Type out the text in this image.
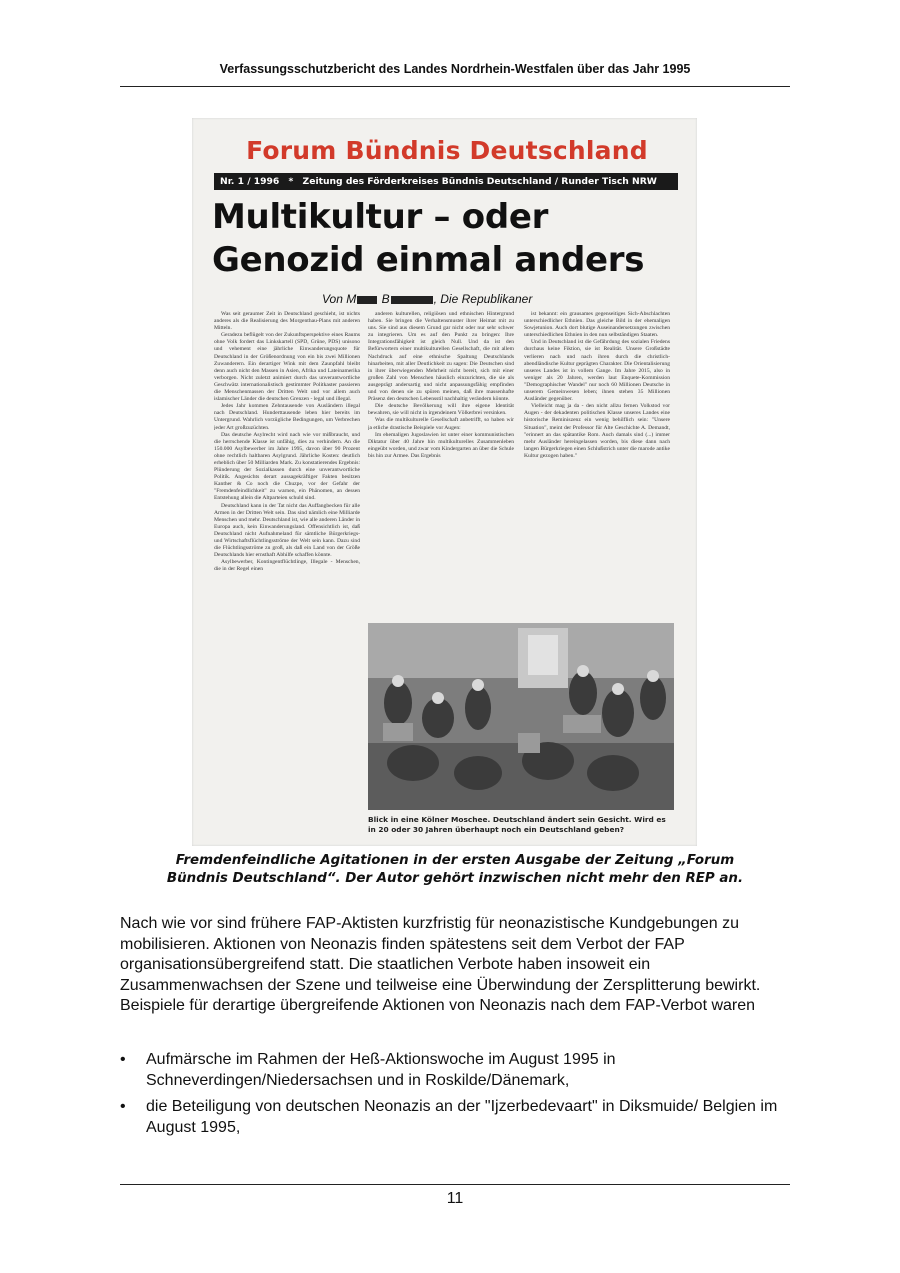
Verfassungsschutzbericht des Landes Nordrhein-Westfalen über das Jahr 1995
Forum Bündnis Deutschland
Nr. 1 / 1996 * Zeitung des Förderkreises Bündnis Deutschland / Runder Tisch NRW
Multikultur – oder
Genozid einmal anders
Von M B	, Die Republikaner

Was seit geraumer Zeit in Deutschland geschieht, ist nichts anderes als die Realisierung des Morgenthau-Plans mit anderen Mitteln.

Geradezu beflügelt von der Zukunftsperspektive eines Raums ohne Volk fordert das Linkskartell (SPD, Grüne, PDS) unisono und vehement eine jährliche Einwanderungsquote für Deutschland in der Größenordnung von ein bis zwei Millionen Zuwanderern. Ein derartiger Wink mit dem Zaunpfahl bleibt denn auch nicht den Massen in Asien, Afrika und Lateinamerika verborgen. Nicht zuletzt animiert durch das unverantwortliche Geschwätz internationalistisch gestimmter Politkaster passieren die Menschenmassen der Dritten Welt und vor allem auch islamischer Länder die deutschen Grenzen - legal und illegal.

Jedes Jahr kommen Zehntausende von Ausländern illegal nach Deutschland. Hunderttausende leben hier bereits im Untergrund. Wahrlich vorzügliche Bedingungen, um Verbrechen jeder Art großzuzüchten.

Das deutsche Asylrecht wird nach wie vor mißbraucht, und die herrschende Klasse ist unfähig, dies zu verhindern. An die 150.000 Asylbewerber im Jahre 1995, davon über 90 Prozent ohne rechtlich haltbaren Asylgrund. Jährliche Kosten: deutlich erheblich über 50 Milliarden Mark. Zu konstatierendes Ergebnis: Plünderung der Sozialkassen durch eine unverantwortliche Politik. Angesichts derart aussagekräftiger Fakten besitzen Kanther & Co noch die Chuzpe, vor der Gefahr der "Fremdenfeindlichkeit" zu warnen, ein Phänomen, an dessen Entstehung allein die Altparteien schuld sind.

Deutschland kann in der Tat nicht das Auffangbecken für alle Armen in der Dritten Welt sein. Das sind nämlich eine Milliarde Menschen und mehr. Deutschland ist, wie alle anderen Länder in Europa auch, kein Einwanderungsland. Offensichtlich ist, daß Deutschland nicht Aufnahmeland für sämtliche Bürgerkriegs- und Wirtschaftsflüchtlingsströme der Welt sein kann. Dazu sind die Flüchtlingsströme zu groß, als daß ein Land von der Größe Deutschlands hier ernsthaft Abhilfe schaffen könnte.

Asylbewerber, Kontingentflüchtlinge, Illegale - Menschen, die in der Regel einen

anderen kulturellen, religiösen und ethnischen Hintergrund haben. Sie bringen die Verhaltensmuster ihrer Heimat mit zu uns. Sie sind aus diesem Grund gar nicht oder nur sehr schwer zu integrieren. Um es auf den Punkt zu bringen: Ihre Integrationsfähigkeit ist gleich Null. Und da ist den Befürwortern einer multikulturellen Gesellschaft, die mit allem Nachdruck auf eine ethnische Spaltung Deutschlands hinarbeiten, mit aller Deutlichkeit zu sagen: Die Deutschen sind in ihrer überwiegenden Mehrheit nicht bereit, sich mit einer großen Zahl von Menschen häuslich einzurichten, die sie als ausgeprägt andersartig und nicht anpassungsfähig empfinden und von denen sie zu spüren meinen, daß ihre massenhafte Präsenz den deutschen Lebensstil nachhaltig verändern könnte.

Die deutsche Bevölkerung will ihre eigene Identität bewahren, sie will nicht in irgendeinem Völkerbrei versinken.

Was die multikulturelle Gesellschaft anbetrifft, so haben wir ja etliche drastische Beispiele vor Augen:

Im ehemaligen Jugoslawien ist unter einer kommunistischen Diktatur über 40 Jahre hin multikulturelles Zusammenleben eingeübt worden, und zwar vom Kindergarten an über die Schule bis hin zur Armee. Das Ergebnis

ist bekannt: ein grausames gegenseitiges Sich-Abschlachten unterschiedlicher Ethnien. Das gleiche Bild in der ehemaligen Sowjetunion. Auch dort blutige Auseinandersetzungen zwischen unterschiedlichen Ethnien in den nun selbständigen Staaten.

Und in Deutschland ist die Gefährdung des sozialen Friedens durchaus keine Fiktion, sie ist Realität. Unsere Großstädte verlieren nach und nach ihren durch die christlich-abendländische Kultur geprägten Charakter. Die Orientalisierung unseres Landes ist in vollem Gange. Im Jahre 2015, also in weniger als 20 Jahren, werden laut Enquete-Kommission "Demographischer Wandel" nur noch 60 Millionen Deutsche in unserem Gemeinwesen leben; ihnen stehen 35 Millionen Ausländer gegenüber.

Vielleicht mag ja da - den nicht allzu fernen Volkstod vor Augen - der dekadenten politischen Klasse unseres Landes eine historische Reminiszenz ein wenig behilflich sein: "Unsere Situation", meint der Professor für Alte Geschichte A. Demandt, "erinnert an das spätantike Rom. Auch damals sind (...) immer mehr Ausländer hereingelassen worden, bis diese dann nach langen Bürgerkriegen einen Schlußstrich unter die marode antike Kultur gezogen haben."

Blick in eine Kölner Moschee. Deutschland ändert sein Gesicht. Wird es in 20 oder 30 Jahren überhaupt noch ein Deutschland geben?
Fremdenfeindliche Agitationen in der ersten Ausgabe der Zeitung „Forum Bündnis Deutschland“. Der Autor gehört inzwischen nicht mehr den REP an.

Nach wie vor sind frühere FAP-Aktisten kurzfristig für neonazistische Kundgebungen zu mobilisieren. Aktionen von Neonazis finden spätestens seit dem Verbot der FAP organisationsübergreifend statt. Die staatlichen Verbote haben insoweit ein Zusammenwachsen der Szene und teilweise eine Überwindung der Zersplitterung bewirkt. Beispiele für derartige übergreifende Aktionen von Neonazis nach dem FAP-Verbot waren

• Aufmärsche im Rahmen der Heß-Aktionswoche im August 1995 in Schneverdingen/Niedersachsen und in Roskilde/Dänemark,
• die Beteiligung von deutschen Neonazis an der "Ijzerbedevaart" in Diksmuide/ Belgien im August 1995,
11
